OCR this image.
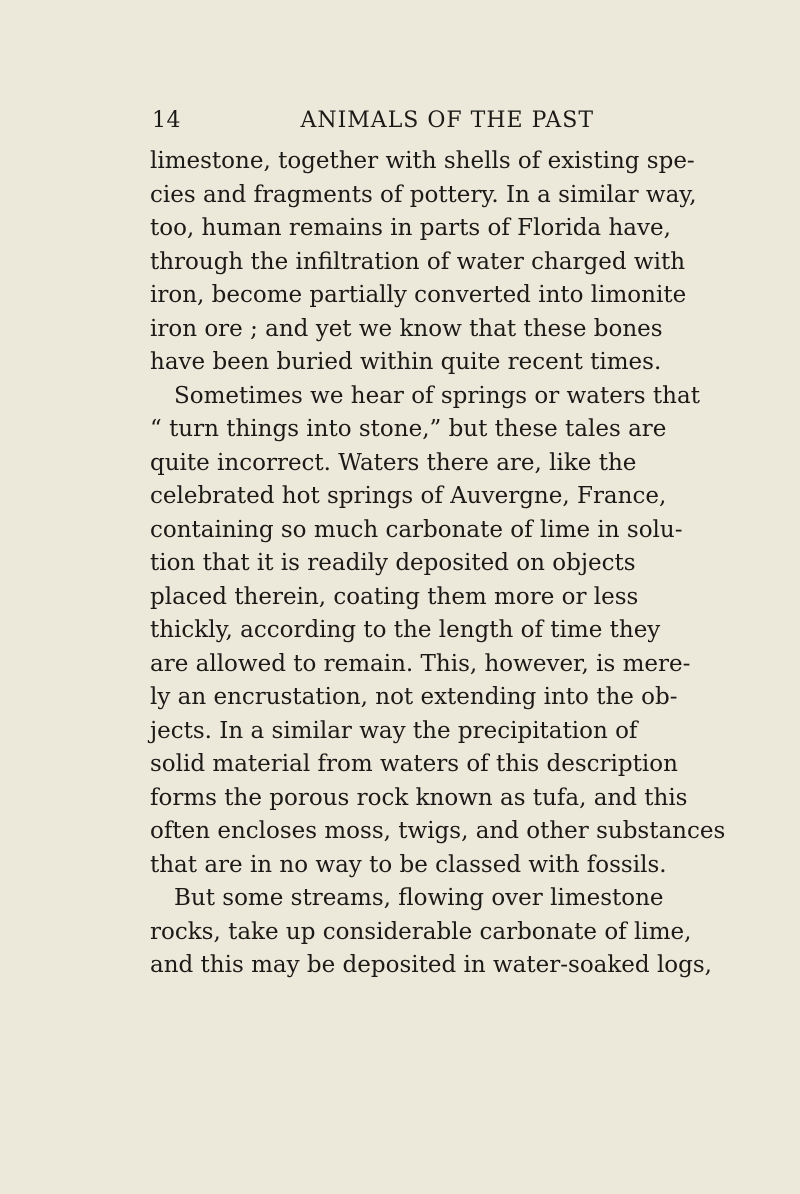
14	ANIMALS OF THE PAST
limestone, together with shells of existing spe-
cies and fragments of pottery. In a similar way,
too, human remains in parts of Florida have,
through the infiltration of water charged with
iron, become partially converted into limonite
iron ore ; and yet we know that these bones
have been buried within quite recent times.
Sometimes we hear of springs or waters that
“ turn things into stone,” but these tales are
quite incorrect. Waters there are, like the
celebrated hot springs of Auvergne, France,
containing so much carbonate of lime in solu-
tion that it is readily deposited on objects
placed therein, coating them more or less
thickly, according to the length of time they
are allowed to remain. This, however, is mere-
ly an encrustation, not extending into the ob-
jects. In a similar way the precipitation of
solid material from waters of this description
forms the porous rock known as tufa, and this
often encloses moss, twigs, and other substances
that are in no way to be classed with fossils.
But some streams, flowing over limestone
rocks, take up considerable carbonate of lime,
and this may be deposited in water-soaked logs,
